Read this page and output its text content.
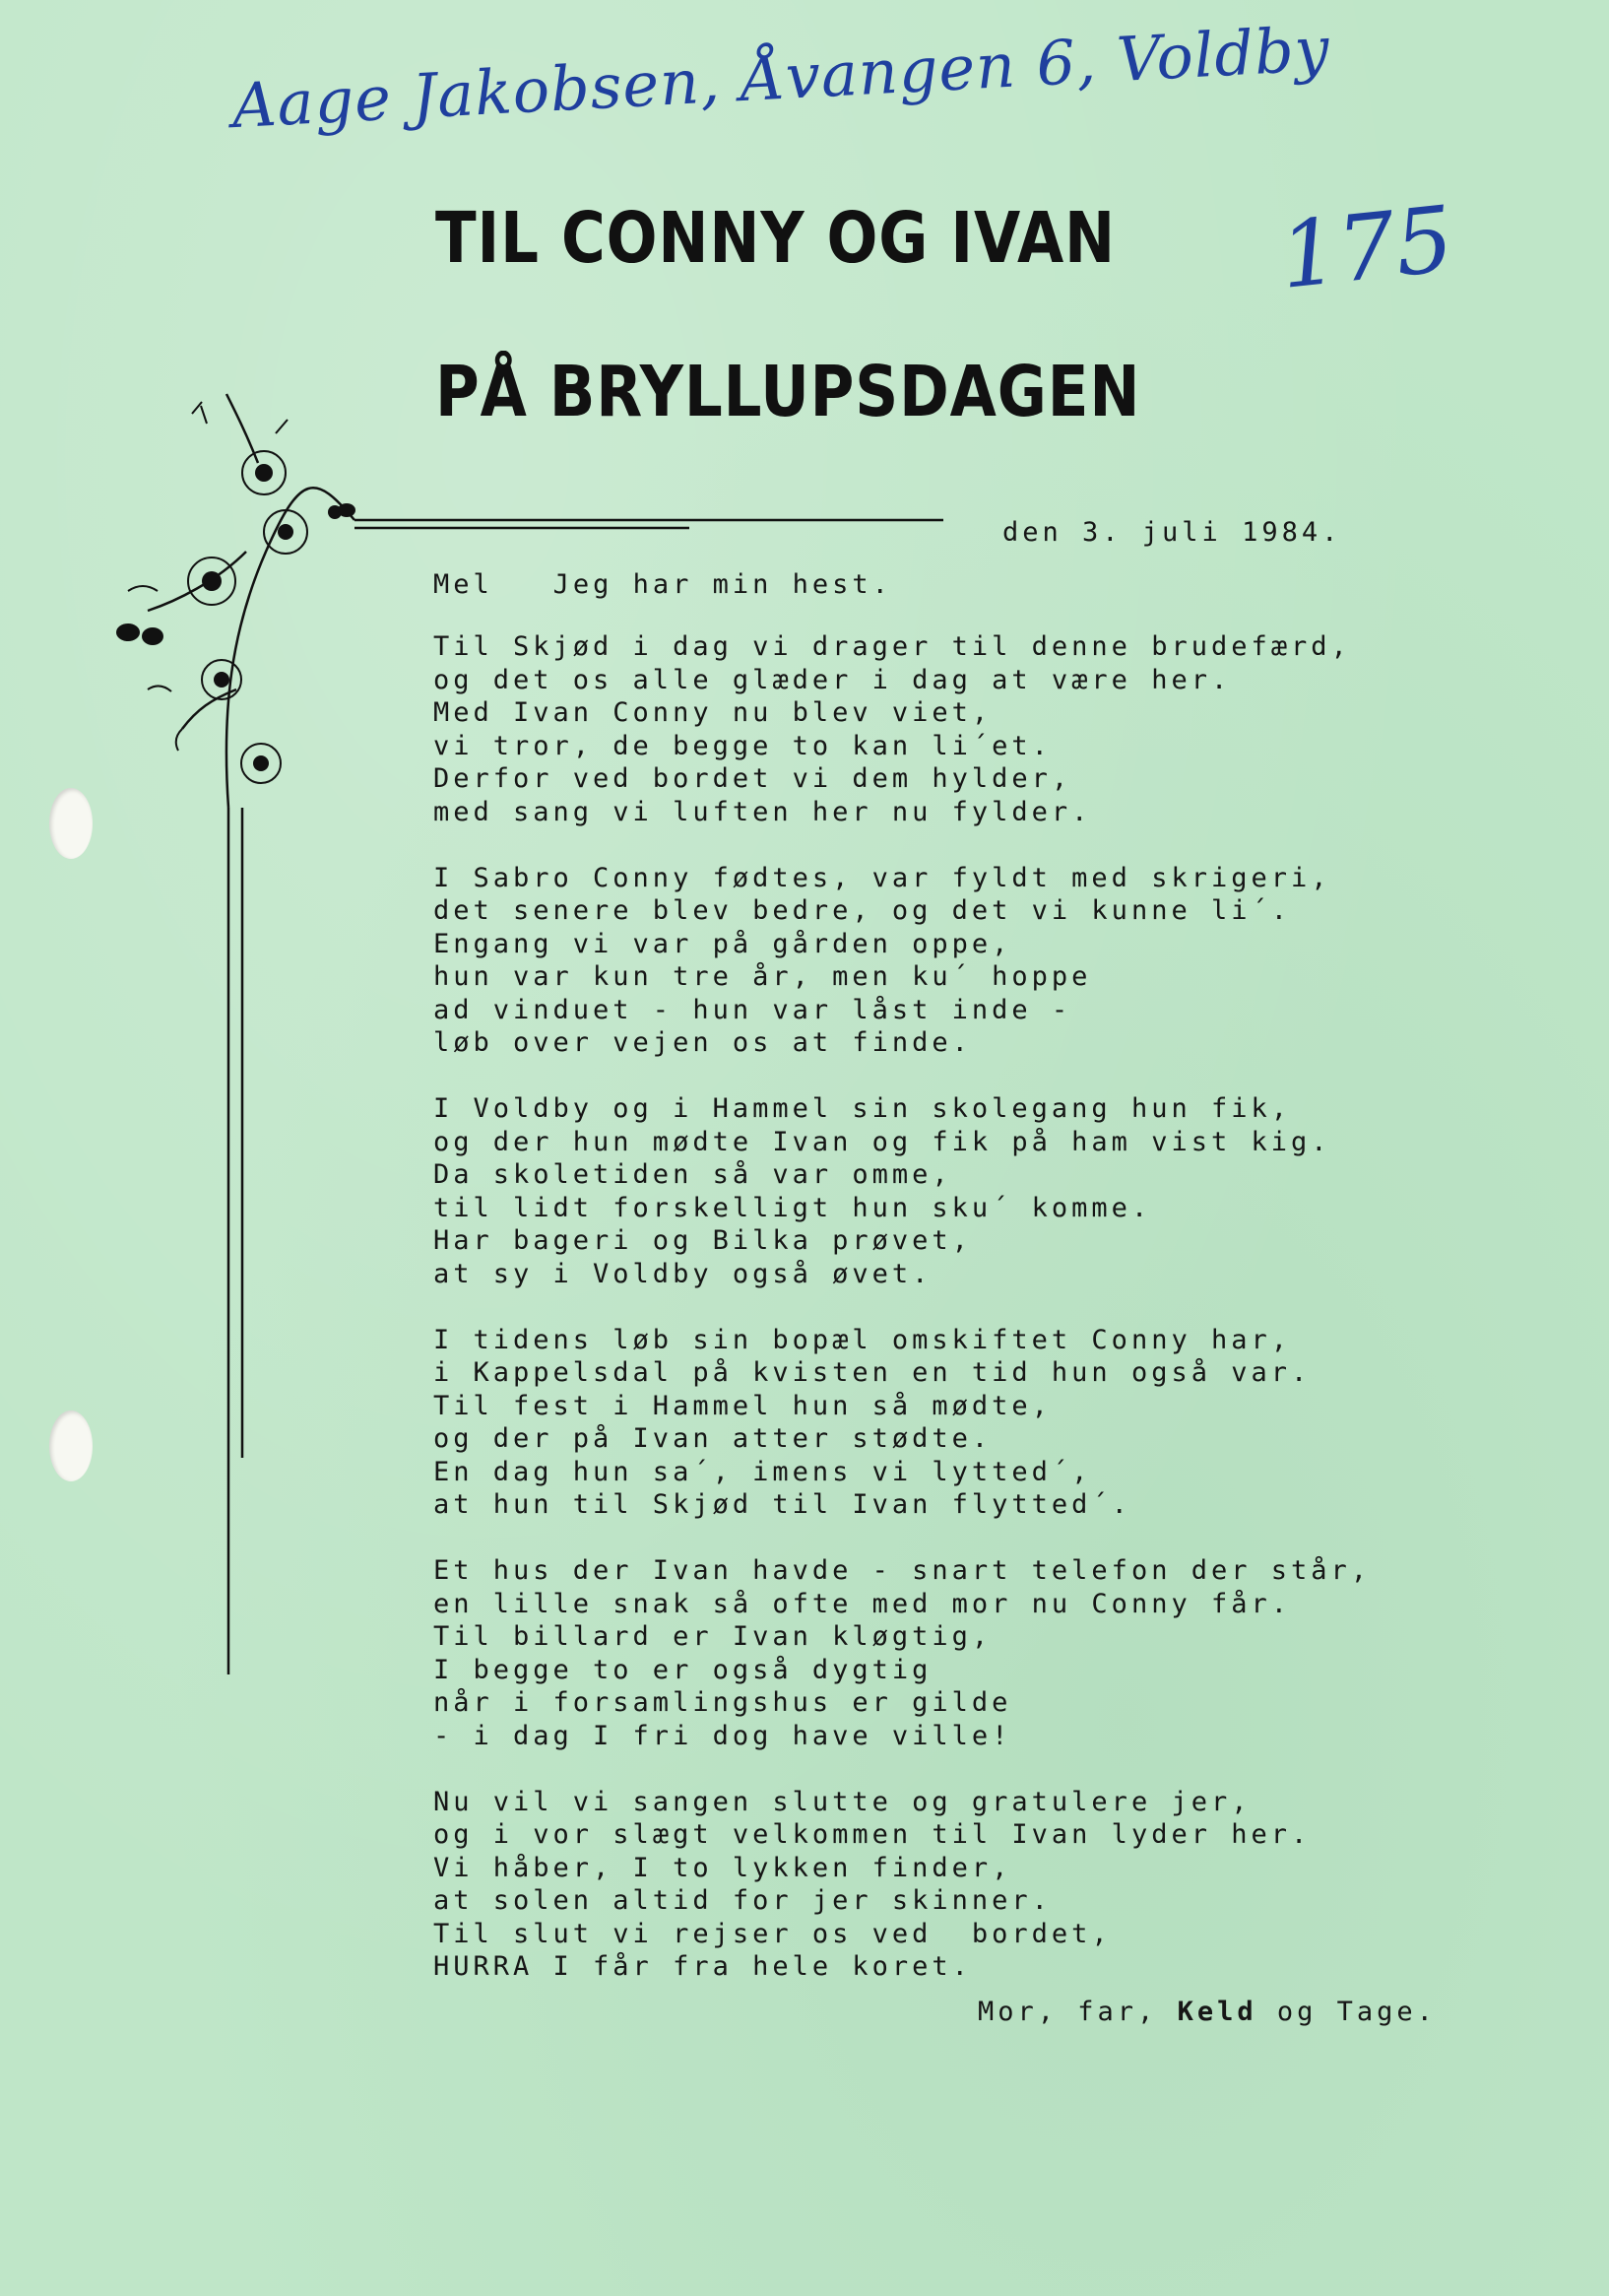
Aage Jakobsen, Åvangen 6, Voldby
175
TIL CONNY OG IVAN
PÅ BRYLLUPSDAGEN
den 3. juli 1984.
Mel Jeg har min hest.
Til Skjød i dag vi drager til denne brudefærd,
og det os alle glæder i dag at være her.
Med Ivan Conny nu blev viet,
vi tror, de begge to kan li´et.
Derfor ved bordet vi dem hylder,
med sang vi luften her nu fylder.
I Sabro Conny fødtes, var fyldt med skrigeri,
det senere blev bedre, og det vi kunne li´.
Engang vi var på gården oppe,
hun var kun tre år, men ku´ hoppe
ad vinduet - hun var låst inde -
løb over vejen os at finde.
I Voldby og i Hammel sin skolegang hun fik,
og der hun mødte Ivan og fik på ham vist kig.
Da skoletiden så var omme,
til lidt forskelligt hun sku´ komme.
Har bageri og Bilka prøvet,
at sy i Voldby også øvet.
I tidens løb sin bopæl omskiftet Conny har,
i Kappelsdal på kvisten en tid hun også var.
Til fest i Hammel hun så mødte,
og der på Ivan atter stødte.
En dag hun sa´, imens vi lytted´,
at hun til Skjød til Ivan flytted´.
Et hus der Ivan havde - snart telefon der står,
en lille snak så ofte med mor nu Conny får.
Til billard er Ivan kløgtig,
I begge to er også dygtig
når i forsamlingshus er gilde
- i dag I fri dog have ville!
Nu vil vi sangen slutte og gratulere jer,
og i vor slægt velkommen til Ivan lyder her.
Vi håber, I to lykken finder,
at solen altid for jer skinner.
Til slut vi rejser os ved  bordet,
HURRA I får fra hele koret.
Mor, far, Keld og Tage.
